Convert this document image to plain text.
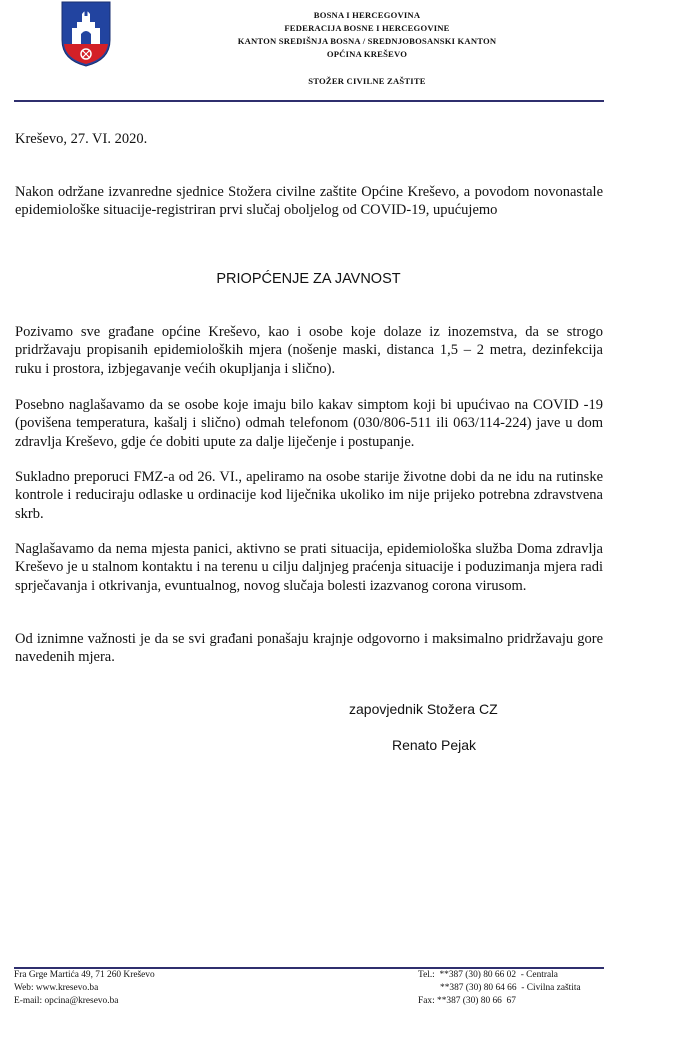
BOSNA I HERCEGOVINA
FEDERACIJA BOSNE I HERCEGOVINE
KANTON SREDIŠNJA BOSNA / SREDNJOBOSANSKI KANTON
OPĆINA KREŠEVO
STOŽER CIVILNE ZAŠTITE
Kreševo, 27. VI. 2020.
Nakon održane izvanredne sjednice Stožera civilne zaštite Općine Kreševo, a povodom novonastale epidemiološke situacije-registriran prvi slučaj oboljelog od COVID-19, upućujemo
PRIOPĆENJE ZA JAVNOST
Pozivamo sve građane općine Kreševo, kao i osobe koje dolaze iz inozemstva, da se strogo pridržavaju propisanih epidemioloških mjera (nošenje maski, distanca 1,5 – 2 metra, dezinfekcija ruku i prostora, izbjegavanje većih okupljanja i slično).
Posebno naglašavamo da se osobe koje imaju bilo kakav simptom koji bi upućivao na COVID -19 (povišena temperatura, kašalj i slično) odmah telefonom (030/806-511 ili 063/114-224) jave u dom zdravlja Kreševo, gdje će dobiti upute za dalje liječenje i postupanje.
Sukladno preporuci FMZ-a od 26. VI., apeliramo na osobe starije životne dobi da ne idu na rutinske kontrole i reduciraju odlaske u ordinacije kod liječnika ukoliko im nije prijeko potrebna zdravstvena skrb.
Naglašavamo da nema mjesta panici, aktivno se prati situacija, epidemiološka služba Doma zdravlja Kreševo je u stalnom kontaktu i na terenu u cilju daljnjeg praćenja situacije i poduzimanja mjera radi sprječavanja i otkrivanja, evuntualnog, novog slučaja bolesti izazvanog corona virusom.
Od iznimne važnosti je da se svi građani ponašaju krajnje odgovorno i maksimalno pridržavaju gore navedenih mjera.
zapovjednik Stožera CZ
Renato Pejak
Fra Grge Martića 49, 71 260 Kreševo
Web: www.kresevo.ba
E-mail: opcina@kresevo.ba
Tel.:  **387 (30) 80 66 02  - Centrala
**387 (30) 80 64 66  - Civilna zaštita
Fax: **387 (30) 80 66  67
